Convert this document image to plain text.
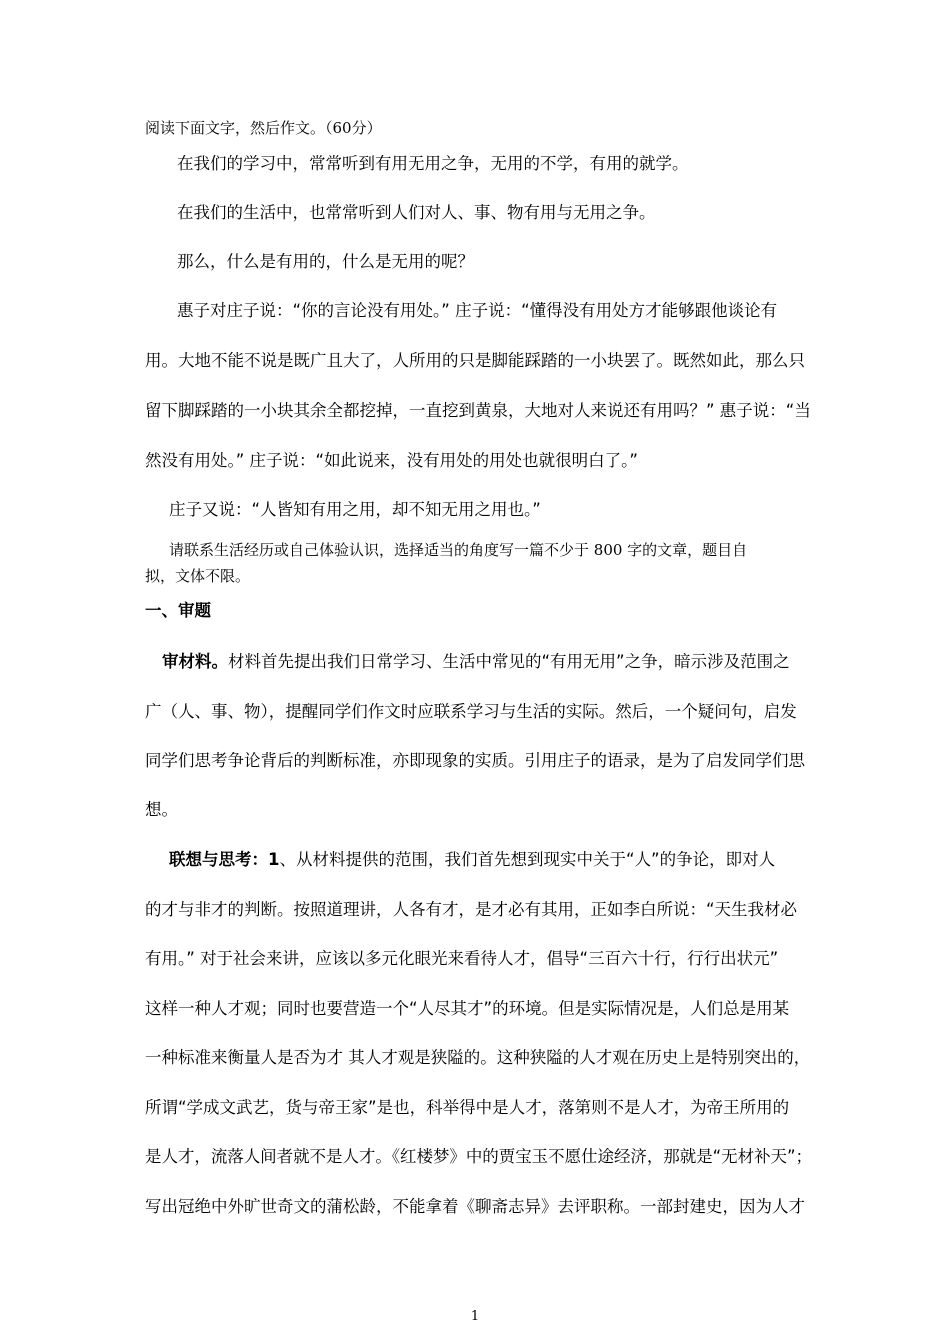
阅读下面文字，然后作文。（60分）
在我们的学习中，常常听到有用无用之争，无用的不学，有用的就学。
在我们的生活中，也常常听到人们对人、事、物有用与无用之争。
那么，什么是有用的，什么是无用的呢？
惠子对庄子说：“你的言论没有用处。” 庄子说：“懂得没有用处方才能够跟他谈论有
用。大地不能不说是既广且大了，人所用的只是脚能踩踏的一小块罢了。既然如此，那么只
留下脚踩踏的一小块其余全都挖掉，一直挖到黄泉，大地对人来说还有用吗？” 惠子说：“当
然没有用处。” 庄子说：“如此说来，没有用处的用处也就很明白了。”
庄子又说：“人皆知有用之用，却不知无用之用也。”
请联系生活经历或自己体验认识，选择适当的角度写一篇不少于 800 字的文章，题目自
拟，文体不限。
一、审题
审材料。材料首先提出我们日常学习、生活中常见的“有用无用”之争，暗示涉及范围之
广（人、事、物），提醒同学们作文时应联系学习与生活的实际。然后，一个疑问句，启发
同学们思考争论背后的判断标准，亦即现象的实质。引用庄子的语录，是为了启发同学们思
想。
联想与思考：1、从材料提供的范围，我们首先想到现实中关于“人”的争论，即对人
的才与非才的判断。按照道理讲，人各有才，是才必有其用，正如李白所说：“天生我材必
有用。” 对于社会来讲，应该以多元化眼光来看待人才，倡导“三百六十行，行行出状元”
这样一种人才观；同时也要营造一个“人尽其才”的环境。但是实际情况是，人们总是用某
一种标准来衡量人是否为才 其人才观是狭隘的。这种狭隘的人才观在历史上是特别突出的，
所谓“学成文武艺，货与帝王家”是也，科举得中是人才，落第则不是人才，为帝王所用的
是人才，流落人间者就不是人才。《红楼梦》中的贾宝玉不愿仕途经济，那就是“无材补天”；
写出冠绝中外旷世奇文的蒲松龄，不能拿着《聊斋志异》去评职称。一部封建史，因为人才
1
